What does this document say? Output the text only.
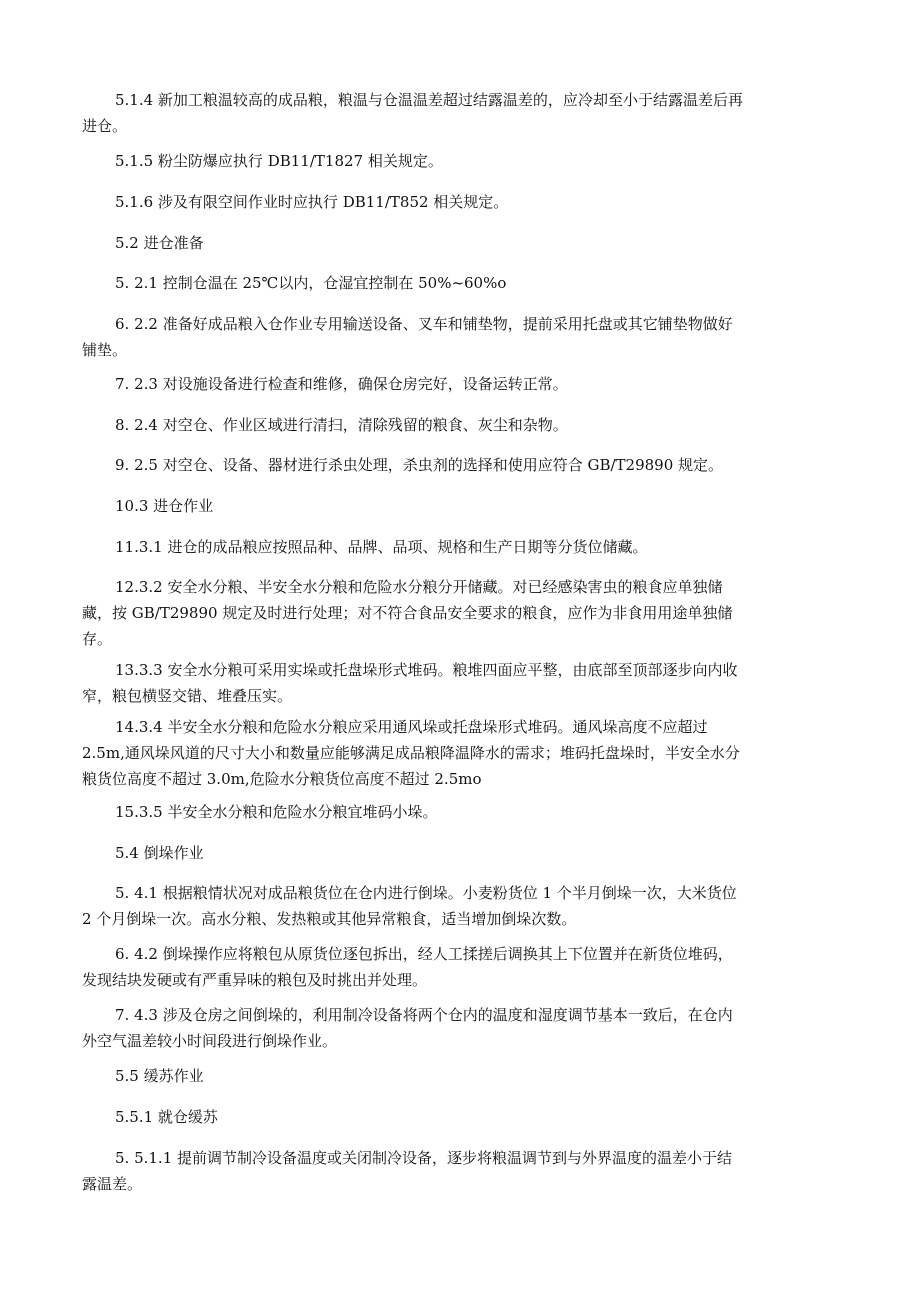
5.1.4 新加工粮温较高的成品粮，粮温与仓温温差超过结露温差的，应冷却至小于结露温差后再
进仓。

5.1.5 粉尘防爆应执行 DB11/T1827 相关规定。

5.1.6 涉及有限空间作业时应执行 DB11/T852 相关规定。

5.2 进仓准备

5. 2.1 控制仓温在 25℃以内，仓湿宜控制在 50%~60%o

6. 2.2 准备好成品粮入仓作业专用输送设备、叉车和铺垫物，提前采用托盘或其它铺垫物做好
铺垫。

7. 2.3 对设施设备进行检查和维修，确保仓房完好，设备运转正常。

8. 2.4 对空仓、作业区域进行清扫，清除残留的粮食、灰尘和杂物。

9. 2.5 对空仓、设备、器材进行杀虫处理，杀虫剂的选择和使用应符合 GB/T29890 规定。

10.3 进仓作业

11.3.1 进仓的成品粮应按照品种、品牌、品项、规格和生产日期等分货位储藏。

12.3.2 安全水分粮、半安全水分粮和危险水分粮分开储藏。对已经感染害虫的粮食应单独储
藏，按 GB/T29890 规定及时进行处理；对不符合食品安全要求的粮食，应作为非食用用途单独储
存。

13.3.3 安全水分粮可采用实垛或托盘垛形式堆码。粮堆四面应平整，由底部至顶部逐步向内收
窄，粮包横竖交错、堆叠压实。

14.3.4 半安全水分粮和危险水分粮应采用通风垛或托盘垛形式堆码。通风垛高度不应超过
2.5m,通风垛风道的尺寸大小和数量应能够满足成品粮降温降水的需求；堆码托盘垛时，半安全水分
粮货位高度不超过 3.0m,危险水分粮货位高度不超过 2.5mo

15.3.5 半安全水分粮和危险水分粮宜堆码小垛。

5.4 倒垛作业

5. 4.1 根据粮情状况对成品粮货位在仓内进行倒垛。小麦粉货位 1 个半月倒垛一次，大米货位
2 个月倒垛一次。高水分粮、发热粮或其他异常粮食，适当增加倒垛次数。

6. 4.2 倒垛操作应将粮包从原货位逐包拆出，经人工揉搓后调换其上下位置并在新货位堆码，
发现结块发硬或有严重异味的粮包及时挑出并处理。

7. 4.3 涉及仓房之间倒垛的，利用制冷设备将两个仓内的温度和湿度调节基本一致后，在仓内
外空气温差较小时间段进行倒垛作业。

5.5 缓苏作业

5.5.1 就仓缓苏

5. 5.1.1 提前调节制冷设备温度或关闭制冷设备，逐步将粮温调节到与外界温度的温差小于结
露温差。
